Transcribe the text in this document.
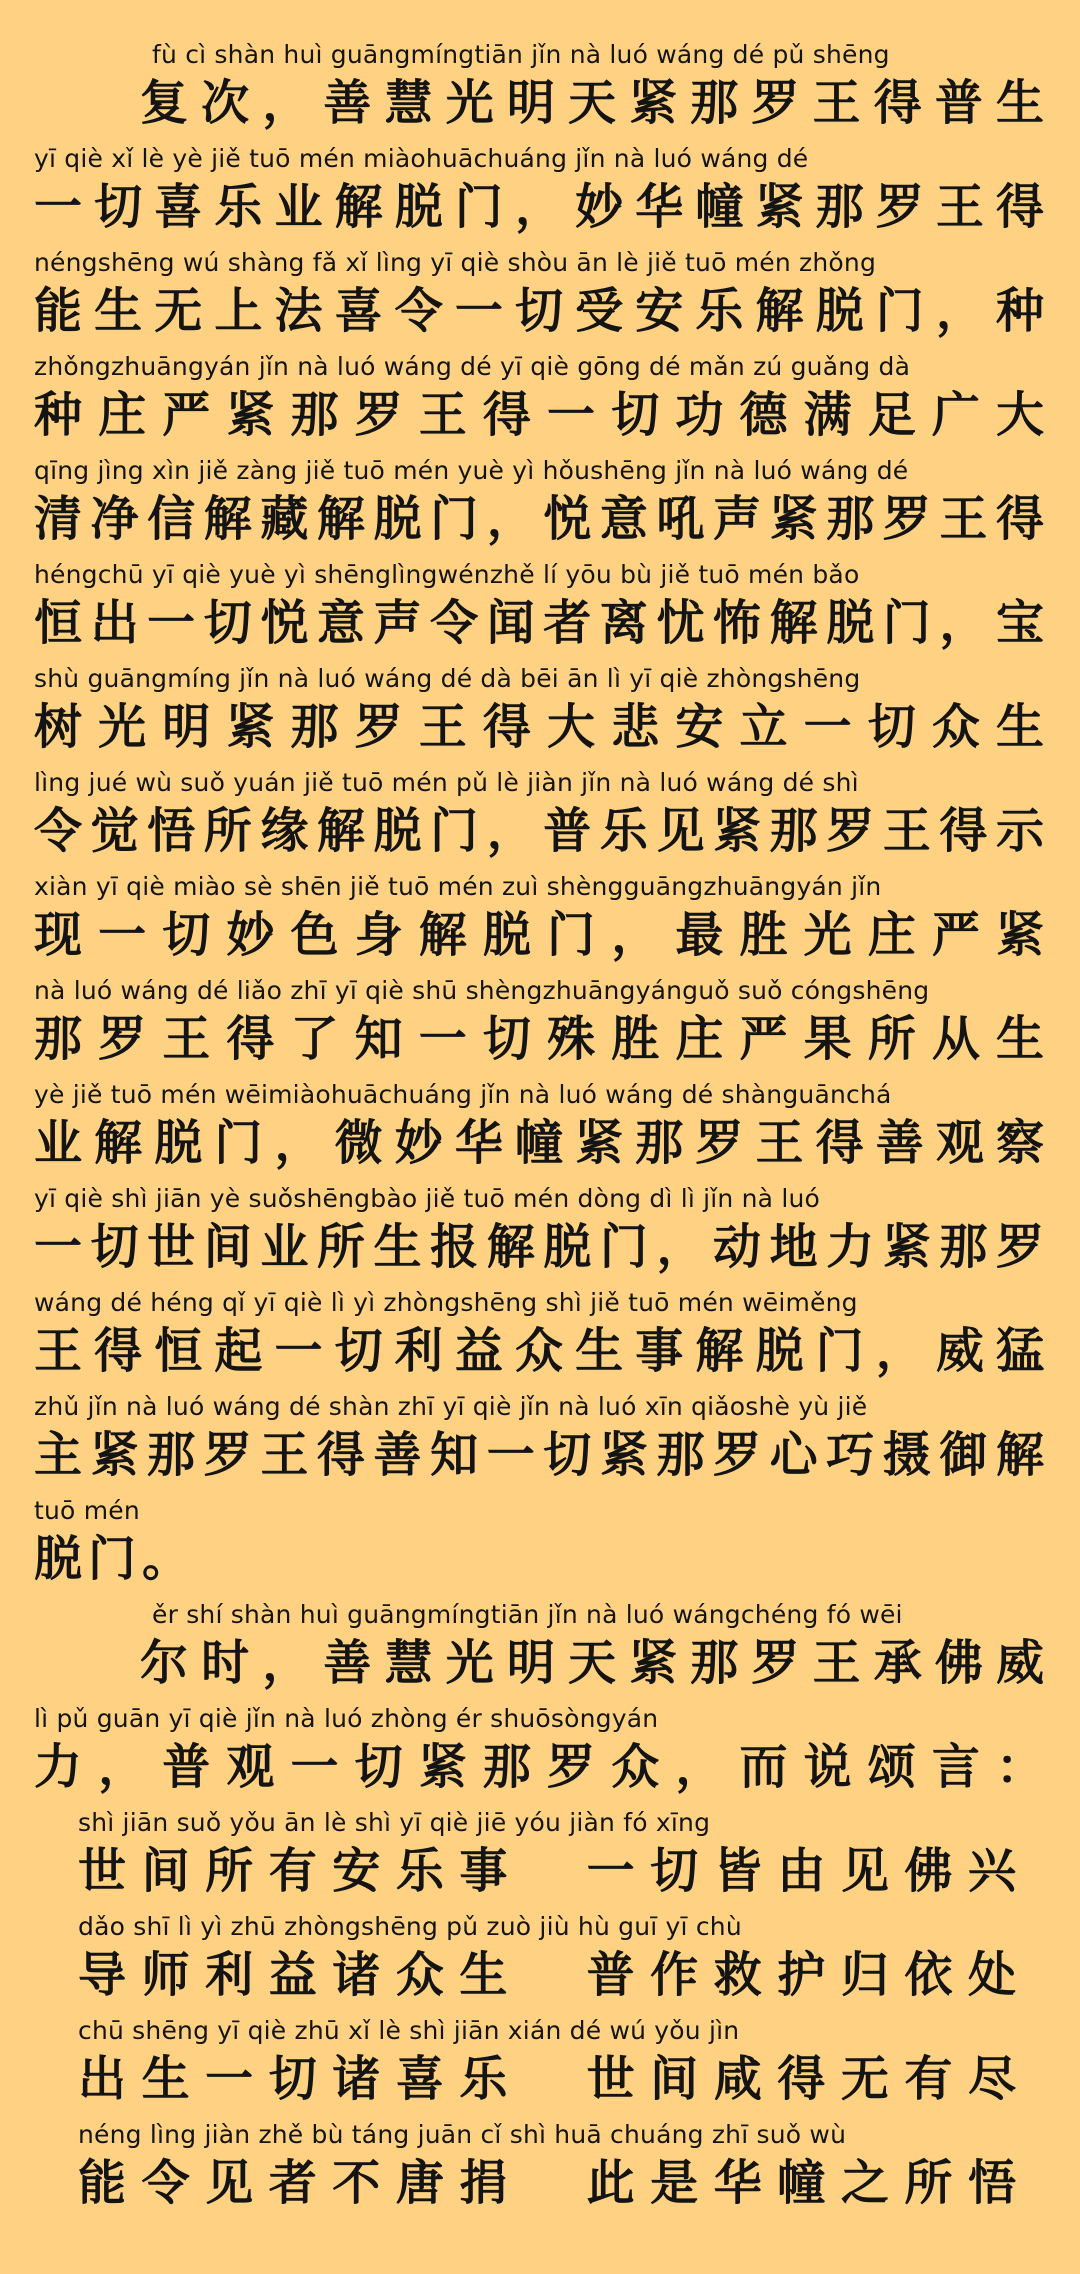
fù cì shàn huì guāngmíngtiān jǐn nà luó wáng dé pǔ shēng
复次，善慧光明天紧那罗王得普生
yī qiè xǐ lè yè jiě tuō mén miàohuāchuáng jǐn nà luó wáng dé
一切喜乐业解脱门，妙华幢紧那罗王得
néngshēng wú shàng fǎ xǐ lìng yī qiè shòu ān lè jiě tuō mén zhǒng
能生无上法喜令一切受安乐解脱门，种
zhǒngzhuāngyán jǐn nà luó wáng dé yī qiè gōng dé mǎn zú guǎng dà
种庄严紧那罗王得一切功德满足广大
qīng jìng xìn jiě zàng jiě tuō mén yuè yì hǒushēng jǐn nà luó wáng dé
清净信解藏解脱门，悦意吼声紧那罗王得
héngchū yī qiè yuè yì shēnglìngwénzhě lí yōu bù jiě tuō mén bǎo
恒出一切悦意声令闻者离忧怖解脱门，宝
shù guāngmíng jǐn nà luó wáng dé dà bēi ān lì yī qiè zhòngshēng
树光明紧那罗王得大悲安立一切众生
lìng jué wù suǒ yuán jiě tuō mén pǔ lè jiàn jǐn nà luó wáng dé shì
令觉悟所缘解脱门，普乐见紧那罗王得示
xiàn yī qiè miào sè shēn jiě tuō mén zuì shèngguāngzhuāngyán jǐn
现一切妙色身解脱门，最胜光庄严紧
nà luó wáng dé liǎo zhī yī qiè shū shèngzhuāngyánguǒ suǒ cóngshēng
那罗王得了知一切殊胜庄严果所从生
yè jiě tuō mén wēimiàohuāchuáng jǐn nà luó wáng dé shànguānchá
业解脱门，微妙华幢紧那罗王得善观察
yī qiè shì jiān yè suǒshēngbào jiě tuō mén dòng dì lì jǐn nà luó
一切世间业所生报解脱门，动地力紧那罗
wáng dé héng qǐ yī qiè lì yì zhòngshēng shì jiě tuō mén wēiměng
王得恒起一切利益众生事解脱门，威猛
zhǔ jǐn nà luó wáng dé shàn zhī yī qiè jǐn nà luó xīn qiǎoshè yù jiě
主紧那罗王得善知一切紧那罗心巧摄御解
tuō mén
脱门。
ěr shí shàn huì guāngmíngtiān jǐn nà luó wángchéng fó wēi
尔时，善慧光明天紧那罗王承佛威
lì pǔ guān yī qiè jǐn nà luó zhòng ér shuōsòngyán
力，普观一切紧那罗众，而说颂言：
shì jiān suǒ yǒu ān lè shì yī qiè jiē yóu jiàn fó xīng
世间所有安乐事　一切皆由见佛兴
dǎo shī lì yì zhū zhòngshēng pǔ zuò jiù hù guī yī chù
导师利益诸众生　普作救护归依处
chū shēng yī qiè zhū xǐ lè shì jiān xián dé wú yǒu jìn
出生一切诸喜乐　世间咸得无有尽
néng lìng jiàn zhě bù táng juān cǐ shì huā chuáng zhī suǒ wù
能令见者不唐捐　此是华幢之所悟
